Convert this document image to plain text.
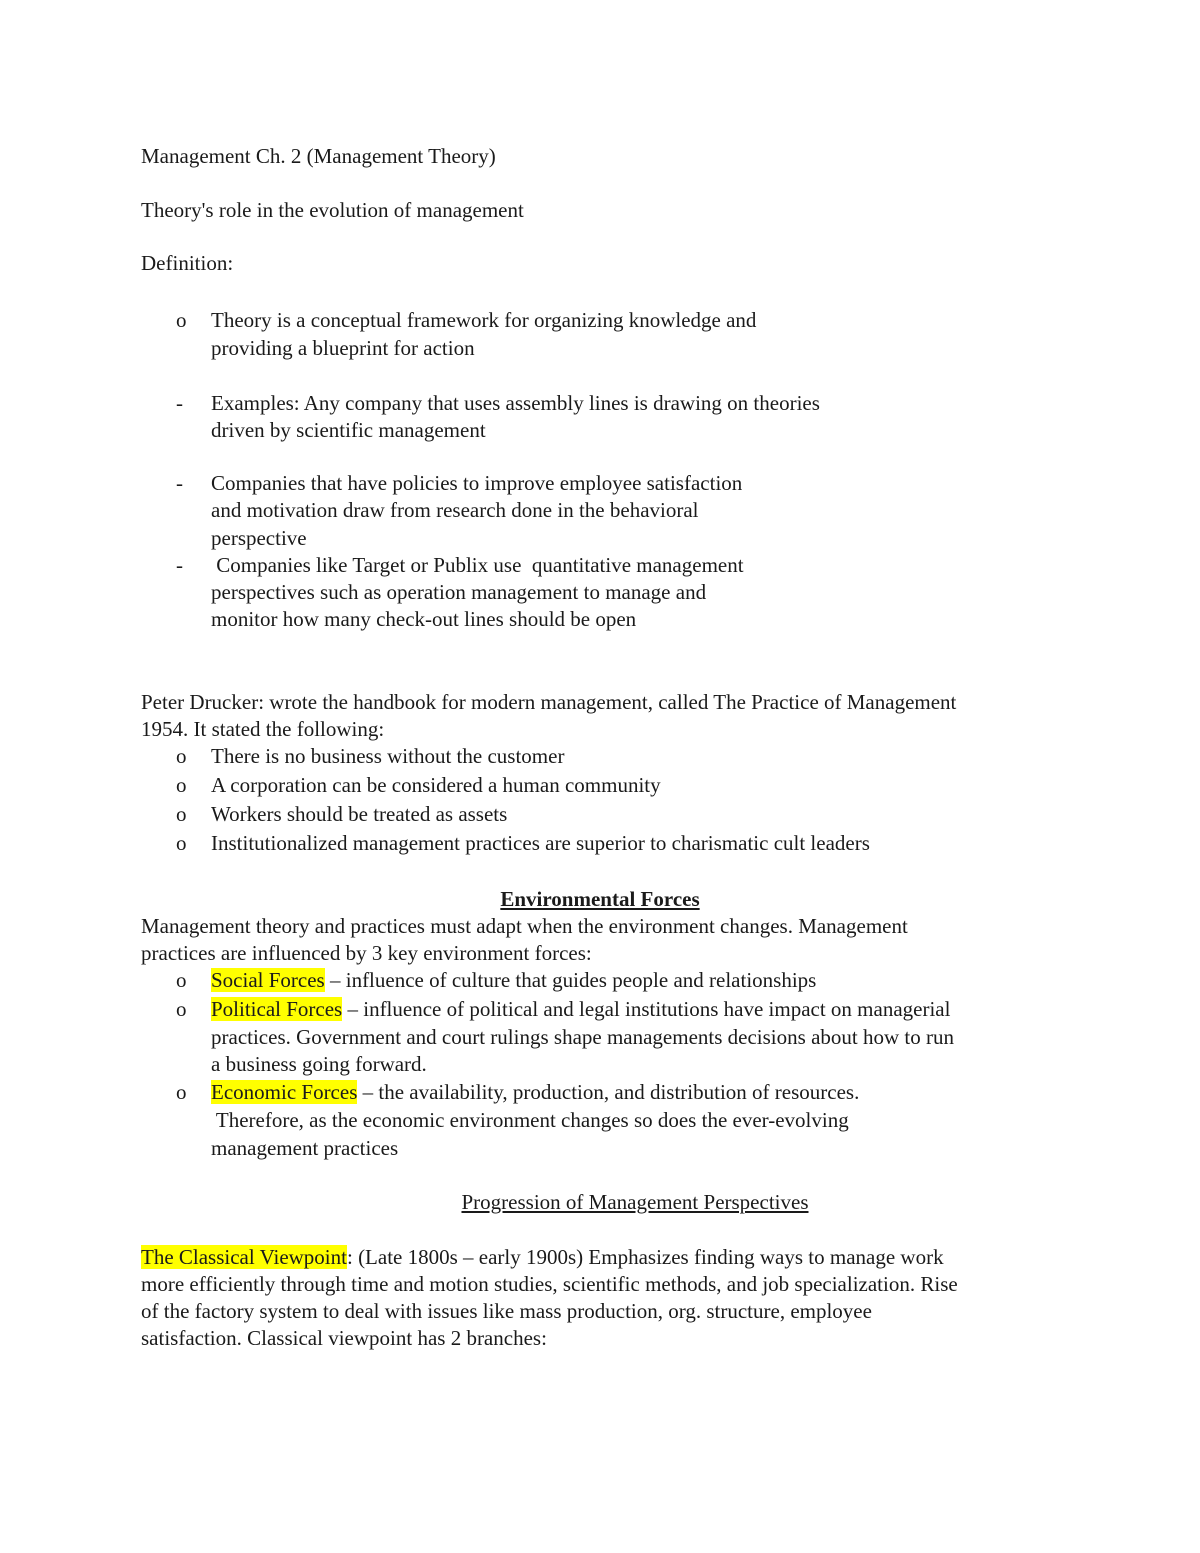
Management Ch. 2 (Management Theory)
Theory's role in the evolution of management
Definition:
o Theory is a conceptual framework for organizing knowledge and
providing a blueprint for action
- Examples: Any company that uses assembly lines is drawing on theories
driven by scientific management
- Companies that have policies to improve employee satisfaction
and motivation draw from research done in the behavioral
perspective
- Companies like Target or Publix use  quantitative management
perspectives such as operation management to manage and
monitor how many check-out lines should be open
Peter Drucker: wrote the handbook for modern management, called The Practice of Management
1954. It stated the following:
o There is no business without the customer
o A corporation can be considered a human community
o Workers should be treated as assets
o Institutionalized management practices are superior to charismatic cult leaders
Environmental Forces
Management theory and practices must adapt when the environment changes. Management
practices are influenced by 3 key environment forces:
o Social Forces – influence of culture that guides people and relationships
o Political Forces – influence of political and legal institutions have impact on managerial
practices. Government and court rulings shape managements decisions about how to run
a business going forward.
o Economic Forces – the availability, production, and distribution of resources.
Therefore, as the economic environment changes so does the ever-evolving
management practices
Progression of Management Perspectives
The Classical Viewpoint: (Late 1800s – early 1900s) Emphasizes finding ways to manage work
more efficiently through time and motion studies, scientific methods, and job specialization. Rise
of the factory system to deal with issues like mass production, org. structure, employee
satisfaction. Classical viewpoint has 2 branches:
